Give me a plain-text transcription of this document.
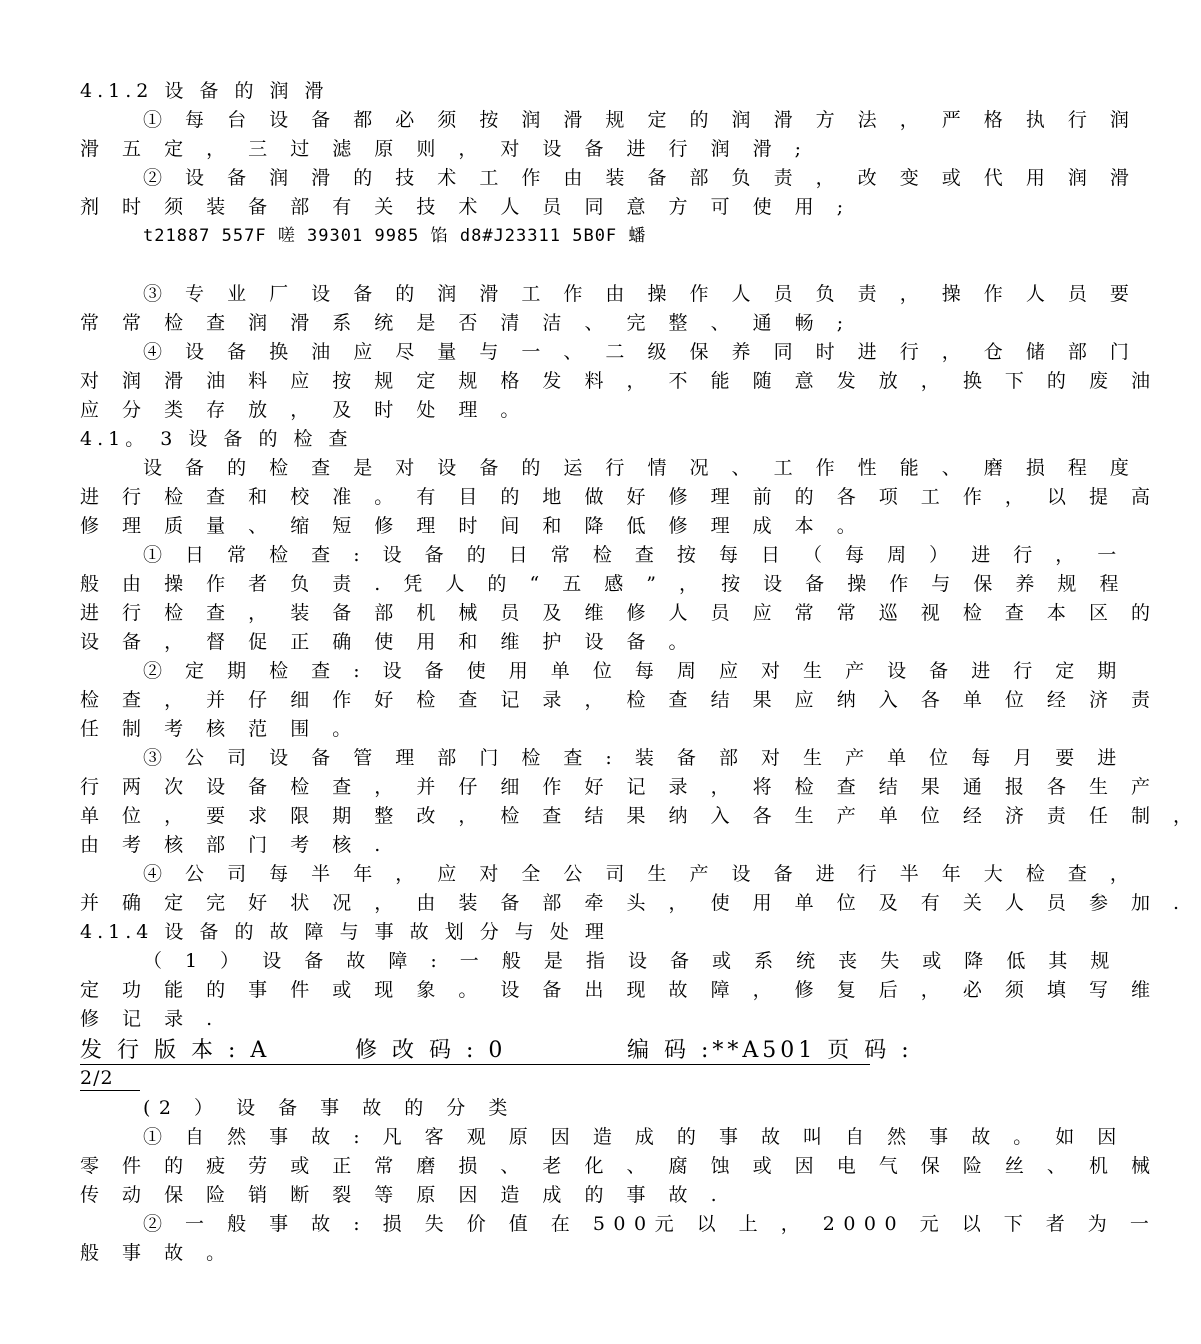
4.1.2 设 备 的 润 滑
① 每 台 设 备 都 必 须 按 润 滑 规 定 的 润 滑 方 法 ， 严 格 执 行 润
滑 五 定 ， 三 过 滤 原 则 ， 对 设 备 进 行 润 滑 ;
② 设 备 润 滑 的 技 术 工 作 由 装 备 部 负 责 ， 改 变 或 代 用 润 滑
剂 时 须 装 备 部 有 关 技 术 人 员 同 意 方 可 使 用 ;
t21887 557F 嗟 39301 9985 馅 d8#J23311 5B0F 蟠
③ 专 业 厂 设 备 的 润 滑 工 作 由 操 作 人 员 负 责 ， 操 作 人 员 要
常 常 检 查 润 滑 系 统 是 否 清 洁 、 完 整 、 通 畅 ;
④ 设 备 换 油 应 尽 量 与 一 、 二 级 保 养 同 时 进 行 ， 仓 储 部 门
对 润 滑 油 料 应 按 规 定 规 格 发 料 ， 不 能 随 意 发 放 ， 换 下 的 废 油
应 分 类 存 放 ， 及 时 处 理 。
4.1。 3 设 备 的 检 查
设 备 的 检 查 是 对 设 备 的 运 行 情 况 、 工 作 性 能 、 磨 损 程 度
进 行 检 查 和 校 准 。 有 目 的 地 做 好 修 理 前 的 各 项 工 作 ， 以 提 高
修 理 质 量 、 缩 短 修 理 时 间 和 降 低 修 理 成 本 。
① 日 常 检 查 : 设 备 的 日 常 检 查 按 每 日 （ 每 周 ） 进 行 ， 一
般 由 操 作 者 负 责 . 凭 人 的 “ 五 感 ” ， 按 设 备 操 作 与 保 养 规 程
进 行 检 查 ， 装 备 部 机 械 员 及 维 修 人 员 应 常 常 巡 视 检 查 本 区 的
设 备 ， 督 促 正 确 使 用 和 维 护 设 备 。
② 定 期 检 查 : 设 备 使 用 单 位 每 周 应 对 生 产 设 备 进 行 定 期
检 查 ， 并 仔 细 作 好 检 查 记 录 ， 检 查 结 果 应 纳 入 各 单 位 经 济 责
任 制 考 核 范 围 。
③ 公 司 设 备 管 理 部 门 检 查 : 装 备 部 对 生 产 单 位 每 月 要 进
行 两 次 设 备 检 查 ， 并 仔 细 作 好 记 录 ， 将 检 查 结 果 通 报 各 生 产
单 位 ， 要 求 限 期 整 改 ， 检 查 结 果 纳 入 各 生 产 单 位 经 济 责 任 制 ，
由 考 核 部 门 考 核 .
④ 公 司 每 半 年 ， 应 对 全 公 司 生 产 设 备 进 行 半 年 大 检 查 ，
并 确 定 完 好 状 况 ， 由 装 备 部 牵 头 ， 使 用 单 位 及 有 关 人 员 参 加 .
4.1.4 设 备 的 故 障 与 事 故 划 分 与 处 理
（ 1 ） 设 备 故 障 : 一 般 是 指 设 备 或 系 统 丧 失 或 降 低 其 规
定 功 能 的 事 件 或 现 象 。 设 备 出 现 故 障 ， 修 复 后 ， 必 须 填 写 维
修 记 录 .
发 行 版 本 : A	修 改 码 : 0	编 码 :**A501 页 码 :
2/2
(2 ） 设 备 事 故 的 分 类
① 自 然 事 故 : 凡 客 观 原 因 造 成 的 事 故 叫 自 然 事 故 。 如 因
零 件 的 疲 劳 或 正 常 磨 损 、 老 化 、 腐 蚀 或 因 电 气 保 险 丝 、 机 械
传 动 保 险 销 断 裂 等 原 因 造 成 的 事 故 .
② 一 般 事 故 : 损 失 价 值 在 500元 以 上 ， 2000 元 以 下 者 为 一
般 事 故 。
